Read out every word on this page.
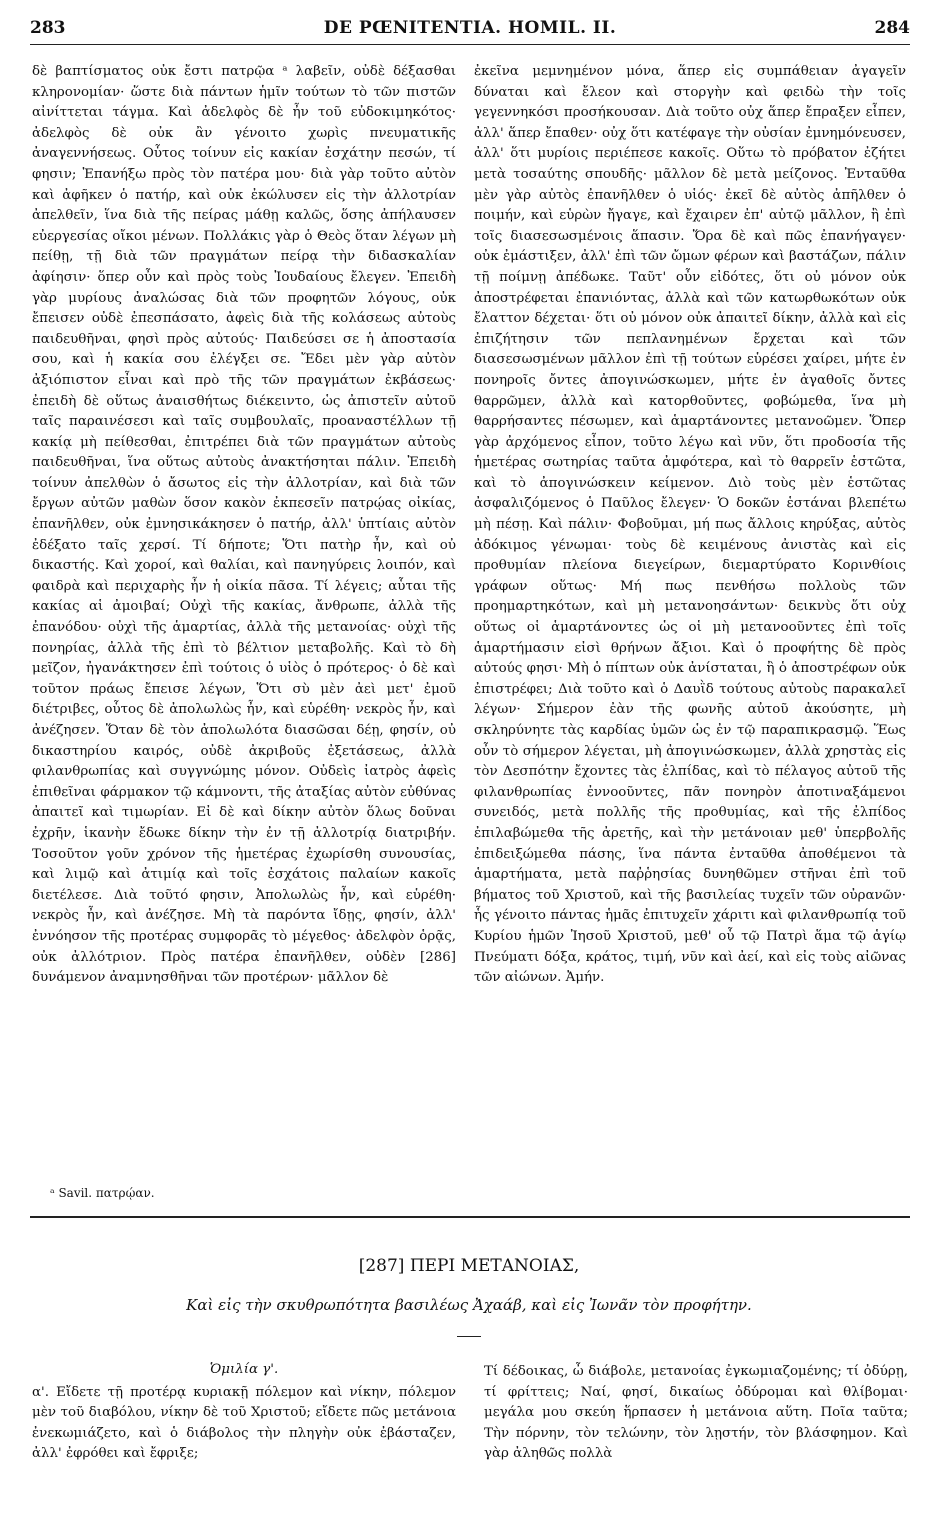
283	DE PŒNITENTIA. HOMIL. II.	284

δὲ βαπτίσματος οὐκ ἔστι πατρῷα ᵃ λαβεῖν, οὐδὲ δέξασθαι κληρονομίαν· ὥστε διὰ πάντων ἡμῖν τούτων τὸ τῶν πιστῶν αἰνίττεται τάγμα. Καὶ ἀδελφὸς δὲ ἦν τοῦ εὐδοκιμηκότος· ἀδελφὸς δὲ οὐκ ἂν γένοιτο χωρὶς πνευματικῆς ἀναγεννήσεως. Οὗτος τοίνυν εἰς κακίαν ἐσχάτην πεσών, τί φησιν; Ἐπανήξω πρὸς τὸν πατέρα μου· διὰ γὰρ τοῦτο αὐτὸν καὶ ἀφῆκεν ὁ πατήρ, καὶ οὐκ ἐκώλυσεν εἰς τὴν ἀλλοτρίαν ἀπελθεῖν, ἵνα διὰ τῆς πείρας μάθῃ καλῶς, ὅσης ἀπήλαυσεν εὐεργεσίας οἴκοι μένων. Πολλάκις γὰρ ὁ Θεὸς ὅταν λέγων μὴ πείθῃ, τῇ διὰ τῶν πραγμάτων πείρᾳ τὴν διδασκαλίαν ἀφίησιν· ὅπερ οὖν καὶ πρὸς τοὺς Ἰουδαίους ἔλεγεν. Ἐπειδὴ γὰρ μυρίους ἀναλώσας διὰ τῶν προφητῶν λόγους, οὐκ ἔπεισεν οὐδὲ ἐπεσπάσατο, ἀφεὶς διὰ τῆς κολάσεως αὐτοὺς παιδευθῆναι, φησὶ πρὸς αὐτούς· Παιδεύσει σε ἡ ἀποστασία σου, καὶ ἡ κακία σου ἐλέγξει σε. Ἔδει μὲν γὰρ αὐτὸν ἀξιόπιστον εἶναι καὶ πρὸ τῆς τῶν πραγμάτων ἐκβάσεως· ἐπειδὴ δὲ οὕτως ἀναισθήτως διέκειντο, ὡς ἀπιστεῖν αὐτοῦ ταῖς παραινέσεσι καὶ ταῖς συμβουλαῖς, προαναστέλλων τῇ κακίᾳ μὴ πείθεσθαι, ἐπιτρέπει διὰ τῶν πραγμάτων αὐτοὺς παιδευθῆναι, ἵνα οὕτως αὐτοὺς ἀνακτήσηται πάλιν. Ἐπειδὴ τοίνυν ἀπελθὼν ὁ ἄσωτος εἰς τὴν ἀλλοτρίαν, καὶ διὰ τῶν ἔργων αὐτῶν μαθὼν ὅσον κακὸν ἐκπεσεῖν πατρῴας οἰκίας, ἐπανῆλθεν, οὐκ ἐμνησικάκησεν ὁ πατήρ, ἀλλ' ὑπτίαις αὐτὸν ἐδέξατο ταῖς χερσί. Τί δήποτε; Ὅτι πατὴρ ἦν, καὶ οὐ δικαστής. Καὶ χοροί, καὶ θαλίαι, καὶ πανηγύρεις λοιπόν, καὶ φαιδρὰ καὶ περιχαρὴς ἦν ἡ οἰκία πᾶσα. Τί λέγεις; αὗται τῆς κακίας αἱ ἀμοιβαί; Οὐχὶ τῆς κακίας, ἄνθρωπε, ἀλλὰ τῆς ἐπανόδου· οὐχὶ τῆς ἁμαρτίας, ἀλλὰ τῆς μετανοίας· οὐχὶ τῆς πονηρίας, ἀλλὰ τῆς ἐπὶ τὸ βέλτιον μεταβολῆς. Καὶ τὸ δὴ μεῖζον, ἠγανάκτησεν ἐπὶ τούτοις ὁ υἱὸς ὁ πρότερος· ὁ δὲ καὶ τοῦτον πράως ἔπεισε λέγων, Ὅτι σὺ μὲν ἀεὶ μετ' ἐμοῦ διέτριβες, οὗτος δὲ ἀπολωλὼς ἦν, καὶ εὑρέθη· νεκρὸς ἦν, καὶ ἀνέζησεν. Ὅταν δὲ τὸν ἀπολωλότα διασῶσαι δέῃ, φησίν, οὐ δικαστηρίου καιρός, οὐδὲ ἀκριβοῦς ἐξετάσεως, ἀλλὰ φιλανθρωπίας καὶ συγγνώμης μόνον. Οὐδεὶς ἰατρὸς ἀφεὶς ἐπιθεῖναι φάρμακον τῷ κάμνοντι, τῆς ἀταξίας αὐτὸν εὐθύνας ἀπαιτεῖ καὶ τιμωρίαν. Εἰ δὲ καὶ δίκην αὐτὸν ὅλως δοῦναι ἐχρῆν, ἱκανὴν ἔδωκε δίκην τὴν ἐν τῇ ἀλλοτρίᾳ διατριβήν. Τοσοῦτον γοῦν χρόνον τῆς ἡμετέρας ἐχωρίσθη συνουσίας, καὶ λιμῷ καὶ ἀτιμίᾳ καὶ τοῖς ἐσχάτοις παλαίων κακοῖς διετέλεσε. Διὰ τοῦτό φησιν, Ἀπολωλὼς ἦν, καὶ εὑρέθη· νεκρὸς ἦν, καὶ ἀνέζησε. Μὴ τὰ παρόντα ἴδῃς, φησίν, ἀλλ' ἐννόησον τῆς προτέρας συμφορᾶς τὸ μέγεθος· ἀδελφὸν ὁρᾷς, οὐκ ἀλλότριον. Πρὸς πατέρα ἐπανῆλθεν, οὐδὲν [286] δυνάμενον ἀναμνησθῆναι τῶν προτέρων· μᾶλλον δὲ

ἐκεῖνα μεμνημένον μόνα, ἅπερ εἰς συμπάθειαν ἀγαγεῖν δύναται καὶ ἔλεον καὶ στοργὴν καὶ φειδὼ τὴν τοῖς γεγεννηκόσι προσήκουσαν. Διὰ τοῦτο οὐχ ἅπερ ἔπραξεν εἶπεν, ἀλλ' ἅπερ ἔπαθεν· οὐχ ὅτι κατέφαγε τὴν οὐσίαν ἐμνημόνευσεν, ἀλλ' ὅτι μυρίοις περιέπεσε κακοῖς. Οὕτω τὸ πρόβατον ἐζήτει μετὰ τοσαύτης σπουδῆς· μᾶλλον δὲ μετὰ μείζονος. Ἐνταῦθα μὲν γὰρ αὐτὸς ἐπανῆλθεν ὁ υἱός· ἐκεῖ δὲ αὐτὸς ἀπῆλθεν ὁ ποιμήν, καὶ εὑρὼν ἤγαγε, καὶ ἔχαιρεν ἐπ' αὐτῷ μᾶλλον, ἢ ἐπὶ τοῖς διασεσωσμένοις ἅπασιν. Ὅρα δὲ καὶ πῶς ἐπανήγαγεν· οὐκ ἐμάστιξεν, ἀλλ' ἐπὶ τῶν ὤμων φέρων καὶ βαστάζων, πάλιν τῇ ποίμνῃ ἀπέδωκε. Ταῦτ' οὖν εἰδότες, ὅτι οὐ μόνον οὐκ ἀποστρέφεται ἐπανιόντας, ἀλλὰ καὶ τῶν κατωρθωκότων οὐκ ἔλαττον δέχεται· ὅτι οὐ μόνον οὐκ ἀπαιτεῖ δίκην, ἀλλὰ καὶ εἰς ἐπιζήτησιν τῶν πεπλανημένων ἔρχεται καὶ τῶν διασεσωσμένων μᾶλλον ἐπὶ τῇ τούτων εὑρέσει χαίρει, μήτε ἐν πονηροῖς ὄντες ἀπογινώσκωμεν, μήτε ἐν ἀγαθοῖς ὄντες θαρρῶμεν, ἀλλὰ καὶ κατορθοῦντες, φοβώμεθα, ἵνα μὴ θαρρήσαντες πέσωμεν, καὶ ἁμαρτάνοντες μετανοῶμεν. Ὅπερ γὰρ ἀρχόμενος εἶπον, τοῦτο λέγω καὶ νῦν, ὅτι προδοσία τῆς ἡμετέρας σωτηρίας ταῦτα ἀμφότερα, καὶ τὸ θαρρεῖν ἑστῶτα, καὶ τὸ ἀπογινώσκειν κείμενον. Διὸ τοὺς μὲν ἑστῶτας ἀσφαλιζόμενος ὁ Παῦλος ἔλεγεν· Ὁ δοκῶν ἑστάναι βλεπέτω μὴ πέσῃ. Καὶ πάλιν· Φοβοῦμαι, μή πως ἄλλοις κηρύξας, αὐτὸς ἀδόκιμος γένωμαι· τοὺς δὲ κειμένους ἀνιστὰς καὶ εἰς προθυμίαν πλείονα διεγείρων, διεμαρτύρατο Κορινθίοις γράφων οὕτως· Μή πως πενθήσω πολλοὺς τῶν προημαρτηκότων, καὶ μὴ μετανοησάντων· δεικνὺς ὅτι οὐχ οὕτως οἱ ἁμαρτάνοντες ὡς οἱ μὴ μετανοοῦντες ἐπὶ τοῖς ἁμαρτήμασιν εἰσὶ θρήνων ἄξιοι. Καὶ ὁ προφήτης δὲ πρὸς αὐτούς φησι· Μὴ ὁ πίπτων οὐκ ἀνίσταται, ἢ ὁ ἀποστρέφων οὐκ ἐπιστρέφει; Διὰ τοῦτο καὶ ὁ Δαυῒδ τούτους αὐτοὺς παρακαλεῖ λέγων· Σήμερον ἐὰν τῆς φωνῆς αὐτοῦ ἀκούσητε, μὴ σκληρύνητε τὰς καρδίας ὑμῶν ὡς ἐν τῷ παραπικρασμῷ. Ἕως οὖν τὸ σήμερον λέγεται, μὴ ἀπογινώσκωμεν, ἀλλὰ χρηστὰς εἰς τὸν Δεσπότην ἔχοντες τὰς ἐλπίδας, καὶ τὸ πέλαγος αὐτοῦ τῆς φιλανθρωπίας ἐννοοῦντες, πᾶν πονηρὸν ἀποτιναξάμενοι συνειδός, μετὰ πολλῆς τῆς προθυμίας, καὶ τῆς ἐλπίδος ἐπιλαβώμεθα τῆς ἀρετῆς, καὶ τὴν μετάνοιαν μεθ' ὑπερβολῆς ἐπιδειξώμεθα πάσης, ἵνα πάντα ἐνταῦθα ἀποθέμενοι τὰ ἁμαρτήματα, μετὰ παῤῥησίας δυνηθῶμεν στῆναι ἐπὶ τοῦ βήματος τοῦ Χριστοῦ, καὶ τῆς βασιλείας τυχεῖν τῶν οὐρανῶν· ἧς γένοιτο πάντας ἡμᾶς ἐπιτυχεῖν χάριτι καὶ φιλανθρωπίᾳ τοῦ Κυρίου ἡμῶν Ἰησοῦ Χριστοῦ, μεθ' οὗ τῷ Πατρὶ ἅμα τῷ ἁγίῳ Πνεύματι δόξα, κράτος, τιμή, νῦν καὶ ἀεί, καὶ εἰς τοὺς αἰῶνας τῶν αἰώνων. Ἀμήν.

ᵃ Savil. πατρῴαν.
[287] ΠΕΡΙ ΜΕΤΑΝΟΙΑΣ,
Καὶ εἰς τὴν σκυθρωπότητα βασιλέως Ἀχαάβ, καὶ εἰς Ἰωνᾶν τὸν προφήτην.
Ὁμιλία γ'.

α'. Εἴδετε τῇ προτέρᾳ κυριακῇ πόλεμον καὶ νίκην, πόλεμον μὲν τοῦ διαβόλου, νίκην δὲ τοῦ Χριστοῦ; εἴδετε πῶς μετάνοια ἐνεκωμιάζετο, καὶ ὁ διάβολος τὴν πληγὴν οὐκ ἐβάσταζεν, ἀλλ' ἐφρόθει καὶ ἔφριξε;

Τί δέδοικας, ὦ διάβολε, μετανοίας ἐγκωμιαζομένης; τί ὀδύρῃ, τί φρίττεις; Ναί, φησί, δικαίως ὀδύρομαι καὶ θλίβομαι· μεγάλα μου σκεύη ἥρπασεν ἡ μετάνοια αὕτη. Ποῖα ταῦτα; Τὴν πόρνην, τὸν τελώνην, τὸν λῃστήν, τὸν βλάσφημον. Καὶ γὰρ ἀληθῶς πολλὰ
